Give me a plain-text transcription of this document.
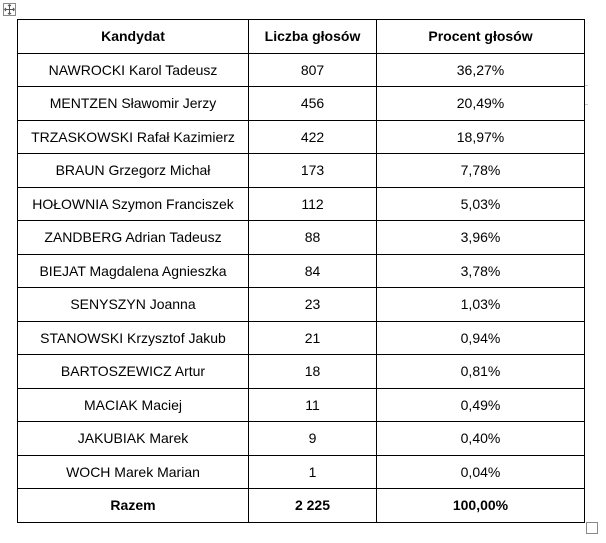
Kandydat	Liczba głosów	Procent głosów
NAWROCKI Karol Tadeusz	807	36,27%
MENTZEN Sławomir Jerzy	456	20,49%
TRZASKOWSKI Rafał Kazimierz	422	18,97%
BRAUN Grzegorz Michał	173	7,78%
HOŁOWNIA Szymon Franciszek	112	5,03%
ZANDBERG Adrian Tadeusz	88	3,96%
BIEJAT Magdalena Agnieszka	84	3,78%
SENYSZYN Joanna	23	1,03%
STANOWSKI Krzysztof Jakub	21	0,94%
BARTOSZEWICZ Artur	18	0,81%
MACIAK Maciej	11	0,49%
JAKUBIAK Marek	9	0,40%
WOCH Marek Marian	1	0,04%
Razem	2 225	100,00%
